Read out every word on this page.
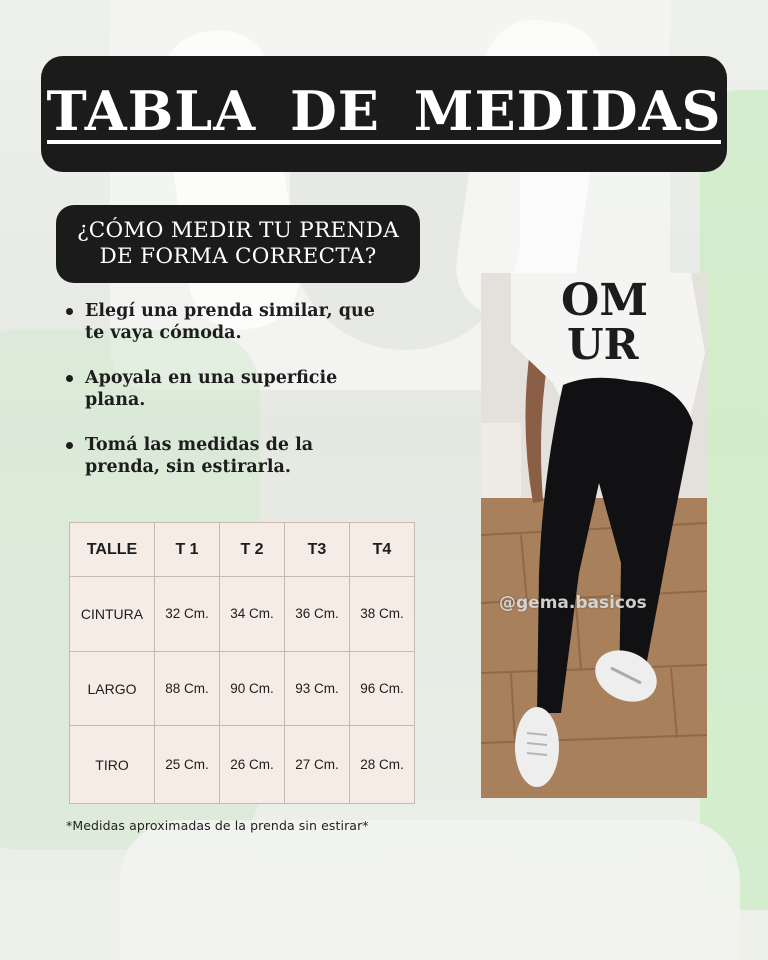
TABLA DE MEDIDAS
¿CÓMO MEDIR TU PRENDA
DE FORMA CORRECTA?
Elegí una prenda similar, que te vaya cómoda.
Apoyala en una superficie plana.
Tomá las medidas de la prenda, sin estirarla.
TALLE	T 1	T 2	T3	T4
CINTURA	32 Cm.	34 Cm.	36 Cm.	38 Cm.
LARGO	88 Cm.	90 Cm.	93 Cm.	96 Cm.
TIRO	25 Cm.	26 Cm.	27 Cm.	28 Cm.
*Medidas aproximadas de la prenda sin estirar*
OM
UR
@gema.basicos
